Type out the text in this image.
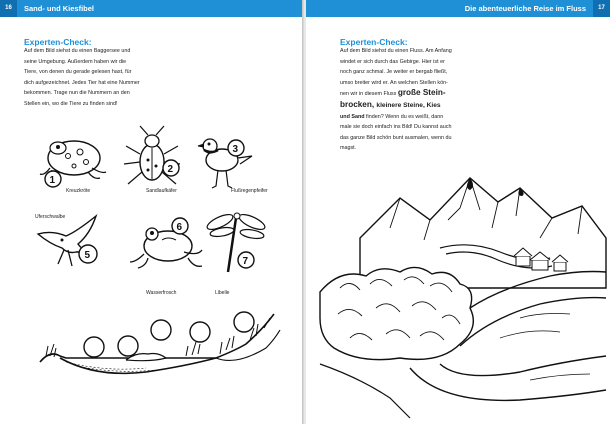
16	Sand- und Kiesfibel
Experten-Check:
Auf dem Bild siehst du einen Baggersee und
seine Umgebung. Außerdem haben wir die
Tiere, von denen du gerade gelesen hast, für
dich aufgezeichnet. Jedes Tier hat eine Nummer
bekommen. Trage nun die Nummern an den
Stellen ein, wo die Tiere zu finden sind!
1
Kreuzkröte
2
Sandlaufkäfer
3
Flußregenpfeifer
Uferschwalbe
5
6
Wasserfrosch
7
Libelle
Die abenteuerliche Reise im Fluss	17
Experten-Check:
Auf dem Bild siehst du einen Fluss. Am Anfang
windet er sich durch das Gebirge. Hier ist er
noch ganz schmal. Je weiter er bergab fließt,
umso breiter wird er. An welchen Stellen kön-
nen wir in diesem Fluss große Stein-
brocken, kleinere Steine, Kies
und Sand finden? Wenn du es weißt, dann
male sie doch einfach ins Bild! Du kannst auch
das ganze Bild schön bunt ausmalen, wenn du
magst.
